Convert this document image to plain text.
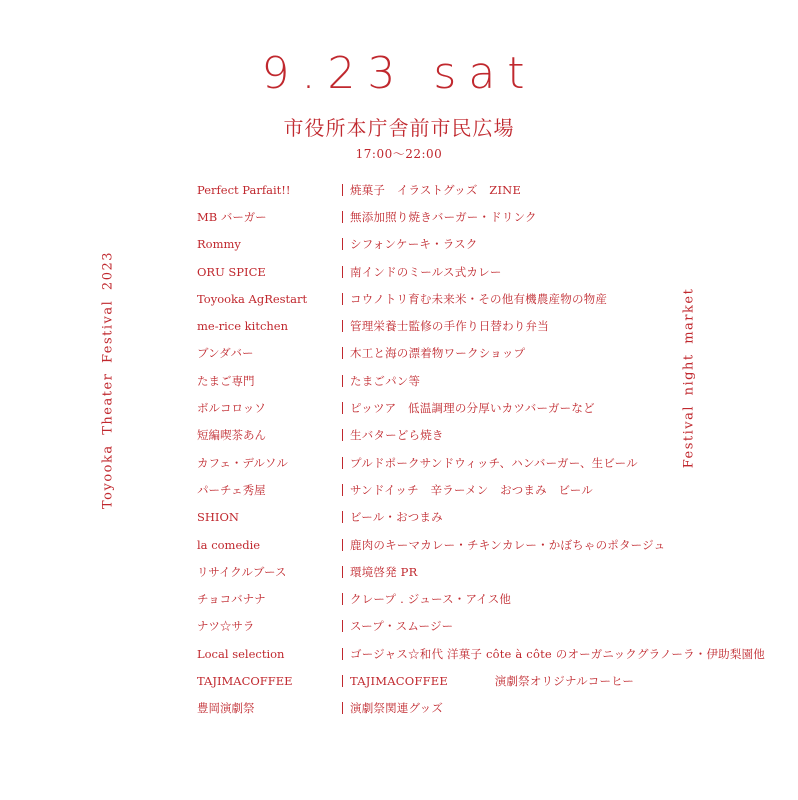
9.23 sat
市役所本庁舎前市民広場
17:00〜22:00
Toyooka Theater Festival 2023	Festival night market
Perfect Parfait!!	焼菓子　イラストグッズ　ZINE
MB バーガー	無添加照り焼きバーガー・ドリンク
Rommy	シフォンケーキ・ラスク
ORU SPICE	南インドのミールス式カレー
Toyooka AgRestart	コウノトリ育む未来米・その他有機農産物の物産
me-rice kitchen	管理栄養士監修の手作り日替わり弁当
ブンダバー	木工と海の漂着物ワークショップ
たまご専門	たまごパン等
ボルコロッソ	ピッツア　低温調理の分厚いカツバーガーなど
短編喫茶あん	生バターどら焼き
カフェ・デルソル	プルドポークサンドウィッチ、ハンバーガー、生ビール
パーチェ秀屋	サンドイッチ　辛ラーメン　おつまみ　ビール
SHION	ビール・おつまみ
la comedie	鹿肉のキーマカレー・チキンカレー・かぼちゃのポタージュ
リサイクルブース	環境啓発 PR
チョコバナナ	クレープ . ジュース・アイス他
ナツ☆サラ	スープ・スムージー
Local selection	ゴージャス☆和代 洋菓子 côte à côte のオーガニックグラノーラ・伊助梨園他
TAJIMACOFFEE	TAJIMACOFFEE　　　　演劇祭オリジナルコーヒー
豊岡演劇祭	演劇祭関連グッズ
